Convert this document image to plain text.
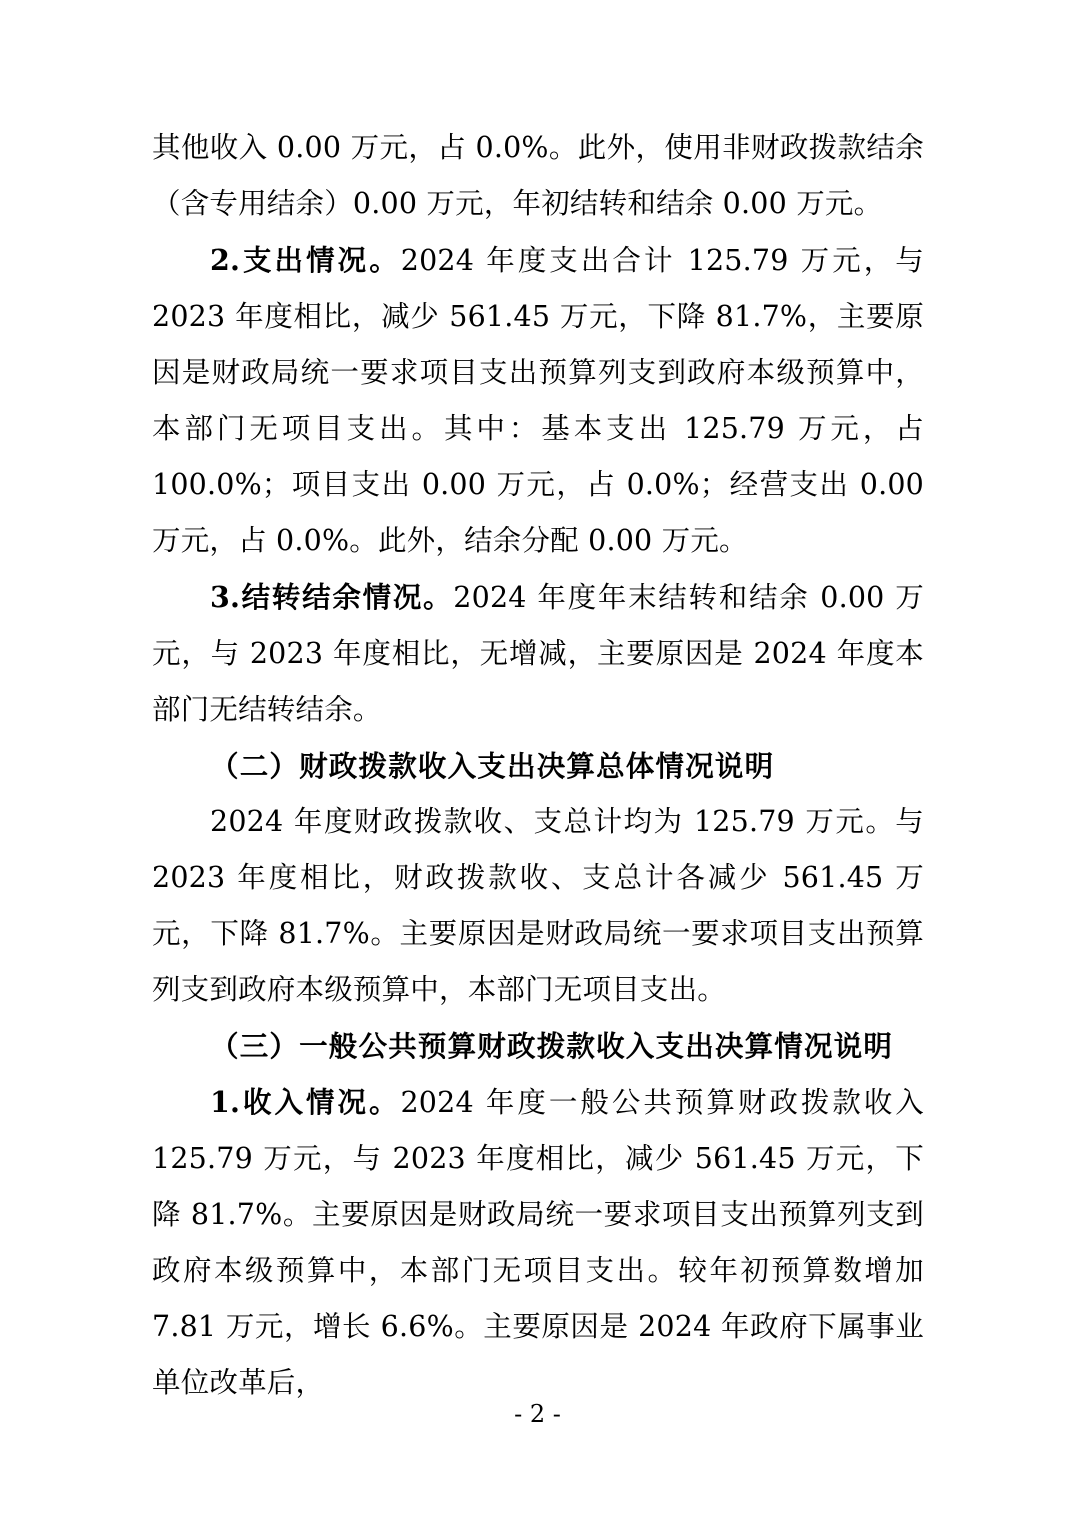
其他收入 0.00 万元，占 0.0%。此外，使用非财政拨款结余（含专用结余）0.00 万元，年初结转和结余 0.00 万元。

2.支出情况。2024 年度支出合计 125.79 万元，与 2023 年度相比，减少 561.45 万元，下降 81.7%，主要原因是财政局统一要求项目支出预算列支到政府本级预算中，本部门无项目支出。其中：基本支出 125.79 万元，占 100.0%；项目支出 0.00 万元，占 0.0%；经营支出 0.00 万元，占 0.0%。此外，结余分配 0.00 万元。

3.结转结余情况。2024 年度年末结转和结余 0.00 万元，与 2023 年度相比，无增减，主要原因是 2024 年度本部门无结转结余。

（二）财政拨款收入支出决算总体情况说明

2024 年度财政拨款收、支总计均为 125.79 万元。与 2023 年度相比，财政拨款收、支总计各减少 561.45 万元，下降 81.7%。主要原因是财政局统一要求项目支出预算列支到政府本级预算中，本部门无项目支出。

（三）一般公共预算财政拨款收入支出决算情况说明

1.收入情况。2024 年度一般公共预算财政拨款收入 125.79 万元，与 2023 年度相比，减少 561.45 万元，下降 81.7%。主要原因是财政局统一要求项目支出预算列支到政府本级预算中，本部门无项目支出。较年初预算数增加 7.81 万元，增长 6.6%。主要原因是 2024 年政府下属事业单位改革后，

- 2 -
